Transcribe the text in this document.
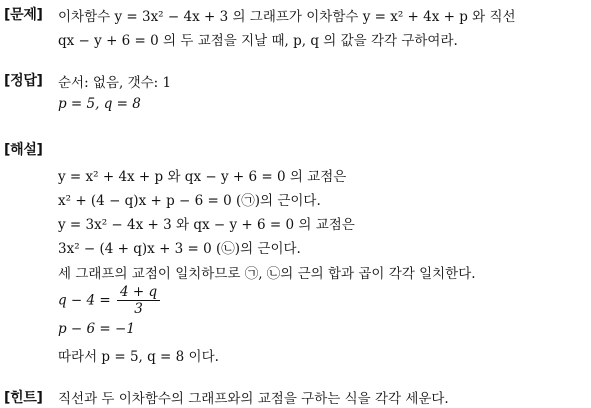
[문제] 이차함수 y = 3x² − 4x + 3 의 그래프가 이차함수 y = x² + 4x + p 와 직선
qx − y + 6 = 0 의 두 교점을 지날 때, p, q 의 값을 각각 구하여라.
[정답] 순서: 없음, 갯수: 1
p = 5, q = 8
[해설]
y = x² + 4x + p 와 qx − y + 6 = 0 의 교점은
x² + (4 − q)x + p − 6 = 0 (㉠)의 근이다.
y = 3x² − 4x + 3 와 qx − y + 6 = 0 의 교점은
3x² − (4 + q)x + 3 = 0 (㉡)의 근이다.
세 그래프의 교점이 일치하므로 ㉠, ㉡의 근의 합과 곱이 각각 일치한다.
$q - 4 = \frac{4 + q}{3}$
p − 6 = −1
따라서 p = 5, q = 8 이다.
[힌트] 직선과 두 이차함수의 그래프와의 교점을 구하는 식을 각각 세운다.
